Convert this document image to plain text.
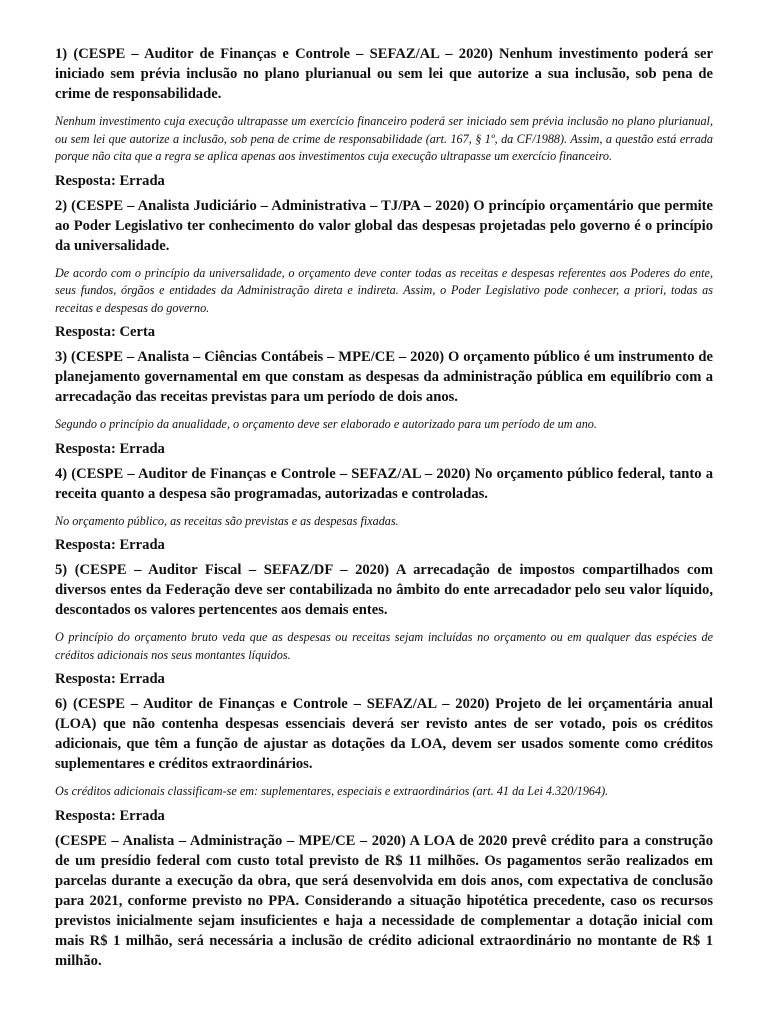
1) (CESPE – Auditor de Finanças e Controle – SEFAZ/AL – 2020) Nenhum investimento poderá ser iniciado sem prévia inclusão no plano plurianual ou sem lei que autorize a sua inclusão, sob pena de crime de responsabilidade.

Nenhum investimento cuja execução ultrapasse um exercício financeiro poderá ser iniciado sem prévia inclusão no plano plurianual, ou sem lei que autorize a inclusão, sob pena de crime de responsabilidade (art. 167, § 1º, da CF/1988). Assim, a questão está errada porque não cita que a regra se aplica apenas aos investimentos cuja execução ultrapasse um exercício financeiro.

Resposta: Errada

2) (CESPE – Analista Judiciário – Administrativa – TJ/PA – 2020) O princípio orçamentário que permite ao Poder Legislativo ter conhecimento do valor global das despesas projetadas pelo governo é o princípio da universalidade.

De acordo com o princípio da universalidade, o orçamento deve conter todas as receitas e despesas referentes aos Poderes do ente, seus fundos, órgãos e entidades da Administração direta e indireta. Assim, o Poder Legislativo pode conhecer, a priori, todas as receitas e despesas do governo.

Resposta: Certa

3) (CESPE – Analista – Ciências Contábeis – MPE/CE – 2020) O orçamento público é um instrumento de planejamento governamental em que constam as despesas da administração pública em equilíbrio com a arrecadação das receitas previstas para um período de dois anos.

Segundo o princípio da anualidade, o orçamento deve ser elaborado e autorizado para um período de um ano.

Resposta: Errada

4) (CESPE – Auditor de Finanças e Controle – SEFAZ/AL – 2020) No orçamento público federal, tanto a receita quanto a despesa são programadas, autorizadas e controladas.

No orçamento público, as receitas são previstas e as despesas fixadas.

Resposta: Errada

5) (CESPE – Auditor Fiscal – SEFAZ/DF – 2020) A arrecadação de impostos compartilhados com diversos entes da Federação deve ser contabilizada no âmbito do ente arrecadador pelo seu valor líquido, descontados os valores pertencentes aos demais entes.

O princípio do orçamento bruto veda que as despesas ou receitas sejam incluídas no orçamento ou em qualquer das espécies de créditos adicionais nos seus montantes líquidos.

Resposta: Errada

6) (CESPE – Auditor de Finanças e Controle – SEFAZ/AL – 2020) Projeto de lei orçamentária anual (LOA) que não contenha despesas essenciais deverá ser revisto antes de ser votado, pois os créditos adicionais, que têm a função de ajustar as dotações da LOA, devem ser usados somente como créditos suplementares e créditos extraordinários.

Os créditos adicionais classificam-se em: suplementares, especiais e extraordinários (art. 41 da Lei 4.320/1964).

Resposta: Errada

(CESPE – Analista – Administração – MPE/CE – 2020) A LOA de 2020 prevê crédito para a construção de um presídio federal com custo total previsto de R$ 11 milhões. Os pagamentos serão realizados em parcelas durante a execução da obra, que será desenvolvida em dois anos, com expectativa de conclusão para 2021, conforme previsto no PPA. Considerando a situação hipotética precedente, caso os recursos previstos inicialmente sejam insuficientes e haja a necessidade de complementar a dotação inicial com mais R$ 1 milhão, será necessária a inclusão de crédito adicional extraordinário no montante de R$ 1 milhão.
